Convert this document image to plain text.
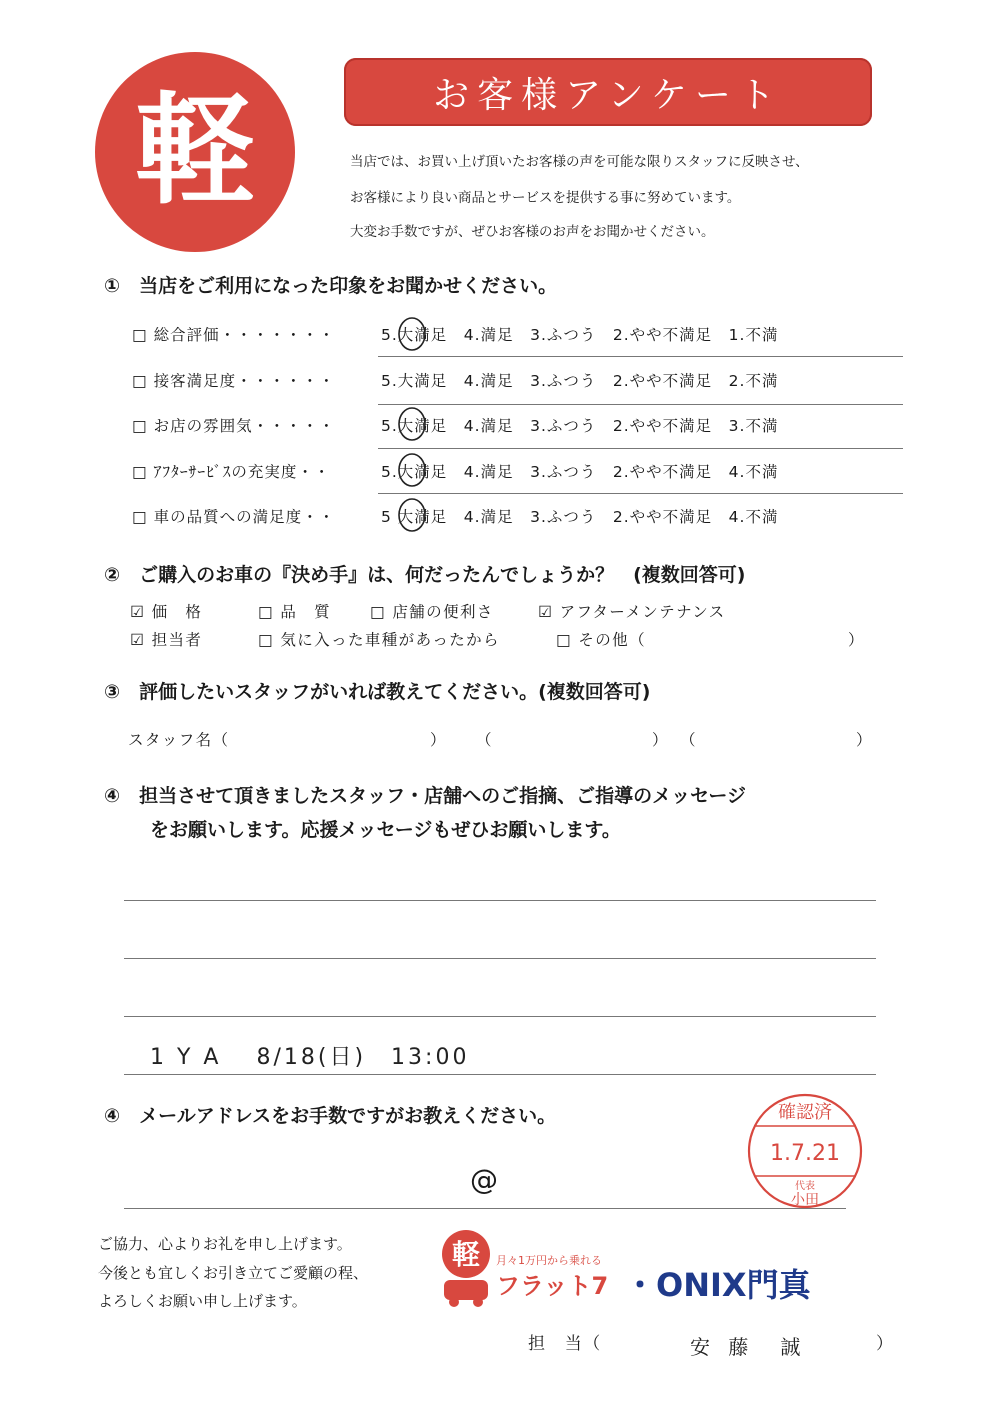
軽	お客様アンケート
当店では、お買い上げ頂いたお客様の声を可能な限りスタッフに反映させ、
お客様により良い商品とサービスを提供する事に努めています。
大変お手数ですが、ぜひお客様のお声をお聞かせください。
①　当店をご利用になった印象をお聞かせください。
□ 総合評価・・・・・・・	5.大満足　4.満足　3.ふつう　2.やや不満足　1.不満
□ 接客満足度・・・・・・	5.大満足　4.満足　3.ふつう　2.やや不満足　2.不満
□ お店の雰囲気・・・・・	5.大満足　4.満足　3.ふつう　2.やや不満足　3.不満
□ ｱﾌﾀｰｻｰﾋﾞｽの充実度・・	5.大満足　4.満足　3.ふつう　2.やや不満足　4.不満
□ 車の品質への満足度・・	5 大満足　4.満足　3.ふつう　2.やや不満足　4.不満
②　ご購入のお車の『決め手』は、何だったんでしょうか？　(複数回答可)
☑ 価　格	□ 品　質	□ 店舗の便利さ	☑ アフターメンテナンス
☑ 担当者	□ 気に入った車種があったから	□ その他（	）
③　評価したいスタッフがいれば教えてください。(複数回答可)
スタッフ名（	） （	） （	）
④　担当させて頂きましたスタッフ・店舗へのご指摘、ご指導のメッセージ
をお願いします。応援メッセージもぜひお願いします。
1 Y A　 8/18(日)　13:00
④　メールアドレスをお手数ですがお教えください。
@
確認済
1.7.21
代表
小田
ご協力、心よりお礼を申し上げます。
今後とも宜しくお引き立てご愛顧の程、
よろしくお願い申し上げます。
軽 月々1万円から乗れる
フラット7 ・ONIX門真
担　当（	安 藤　誠	）
